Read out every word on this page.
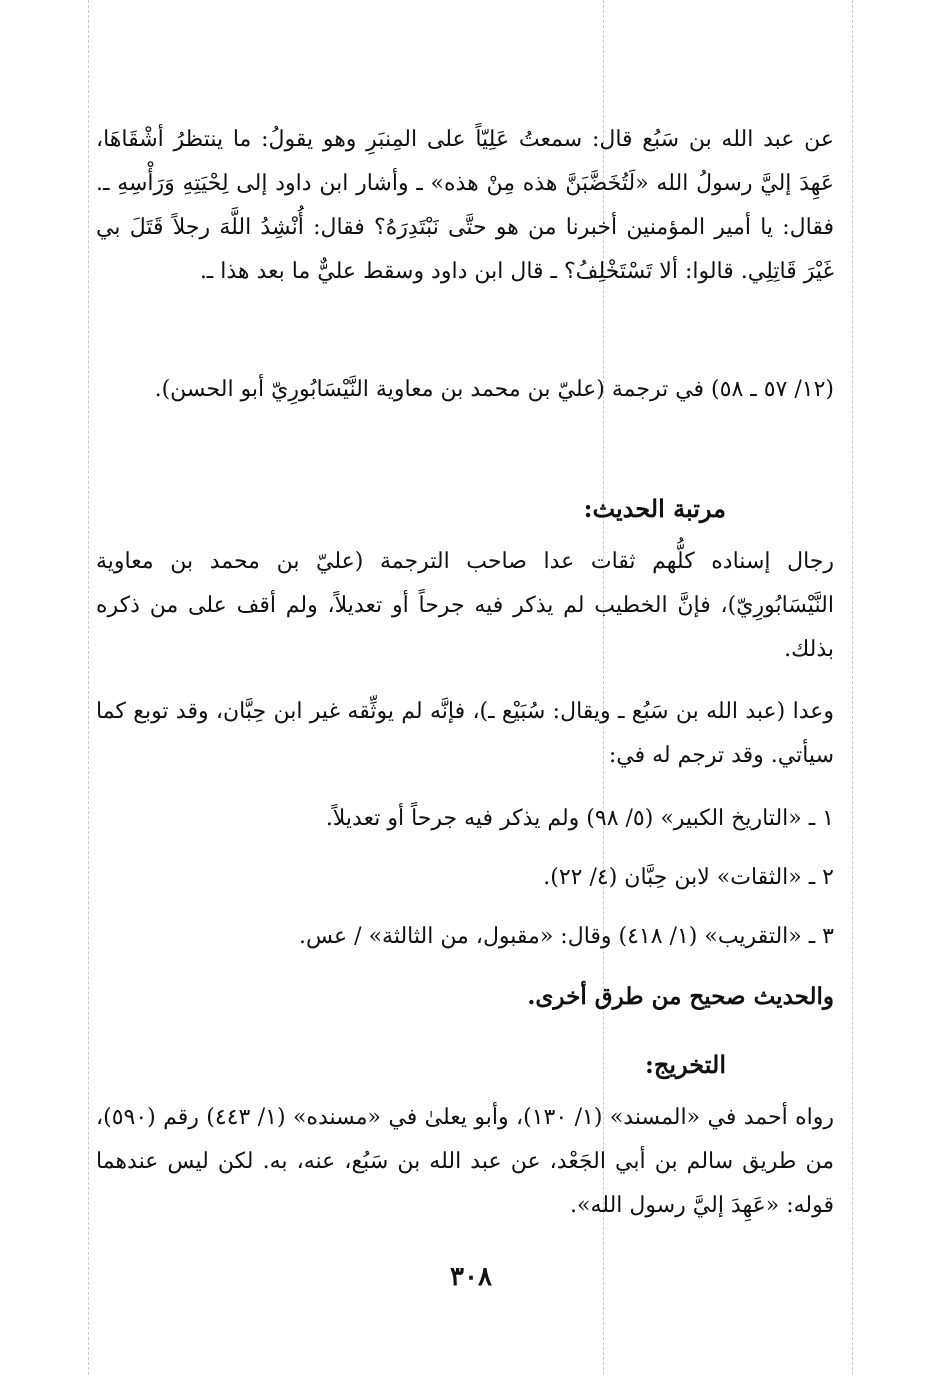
عن عبد الله بن سَبُع قال: سمعتُ عَلِيّاً على المِنبَرِ وهو يقولُ: ما ينتظرُ أشْقَاهَا، عَهِدَ إليَّ رسولُ الله «لَتُخَضَّبَنَّ هذه مِنْ هذه» ـ وأشار ابن داود إلى لِحْيَتِهِ وَرَأْسِهِ ـ. فقال: يا أمير المؤمنين أخبرنا من هو حتَّى نَبْتَدِرَهُ؟ فقال: أُنْشِدُ اللَّهَ رجلاً قَتَلَ بي غَيْرَ قَاتِلِي. قالوا: ألا تَسْتَخْلِفُ؟ ـ قال ابن داود وسقط عليٌّ ما بعد هذا ـ.

(١٢/ ٥٧ ـ ٥٨) في ترجمة (عليّ بن محمد بن معاوية النَّيْسَابُورِيّ أبو الحسن).

مرتبة الحديث:

رجال إسناده كلُّهم ثقات عدا صاحب الترجمة (عليّ بن محمد بن معاوية النَّيْسَابُورِيّ)، فإنَّ الخطيب لم يذكر فيه جرحاً أو تعديلاً، ولم أقف على من ذكره بذلك.

وعدا (عبد الله بن سَبُع ـ ويقال: سُبَيْع ـ)، فإنَّه لم يوثِّقه غير ابن حِبَّان، وقد توبع كما سيأتي. وقد ترجم له في:

١ ـ «التاريخ الكبير» (٥/ ٩٨) ولم يذكر فيه جرحاً أو تعديلاً.
٢ ـ «الثقات» لابن حِبَّان (٤/ ٢٢).
٣ ـ «التقريب» (١/ ٤١٨) وقال: «مقبول، من الثالثة» / عس.
والحديث صحيح من طرق أخرى.
التخريج:

رواه أحمد في «المسند» (١/ ١٣٠)، وأبو يعلىٰ في «مسنده» (١/ ٤٤٣) رقم (٥٩٠)، من طريق سالم بن أبي الجَعْد، عن عبد الله بن سَبُع، عنه، به. لكن ليس عندهما قوله: «عَهِدَ إليَّ رسول الله».

٣٠٨
